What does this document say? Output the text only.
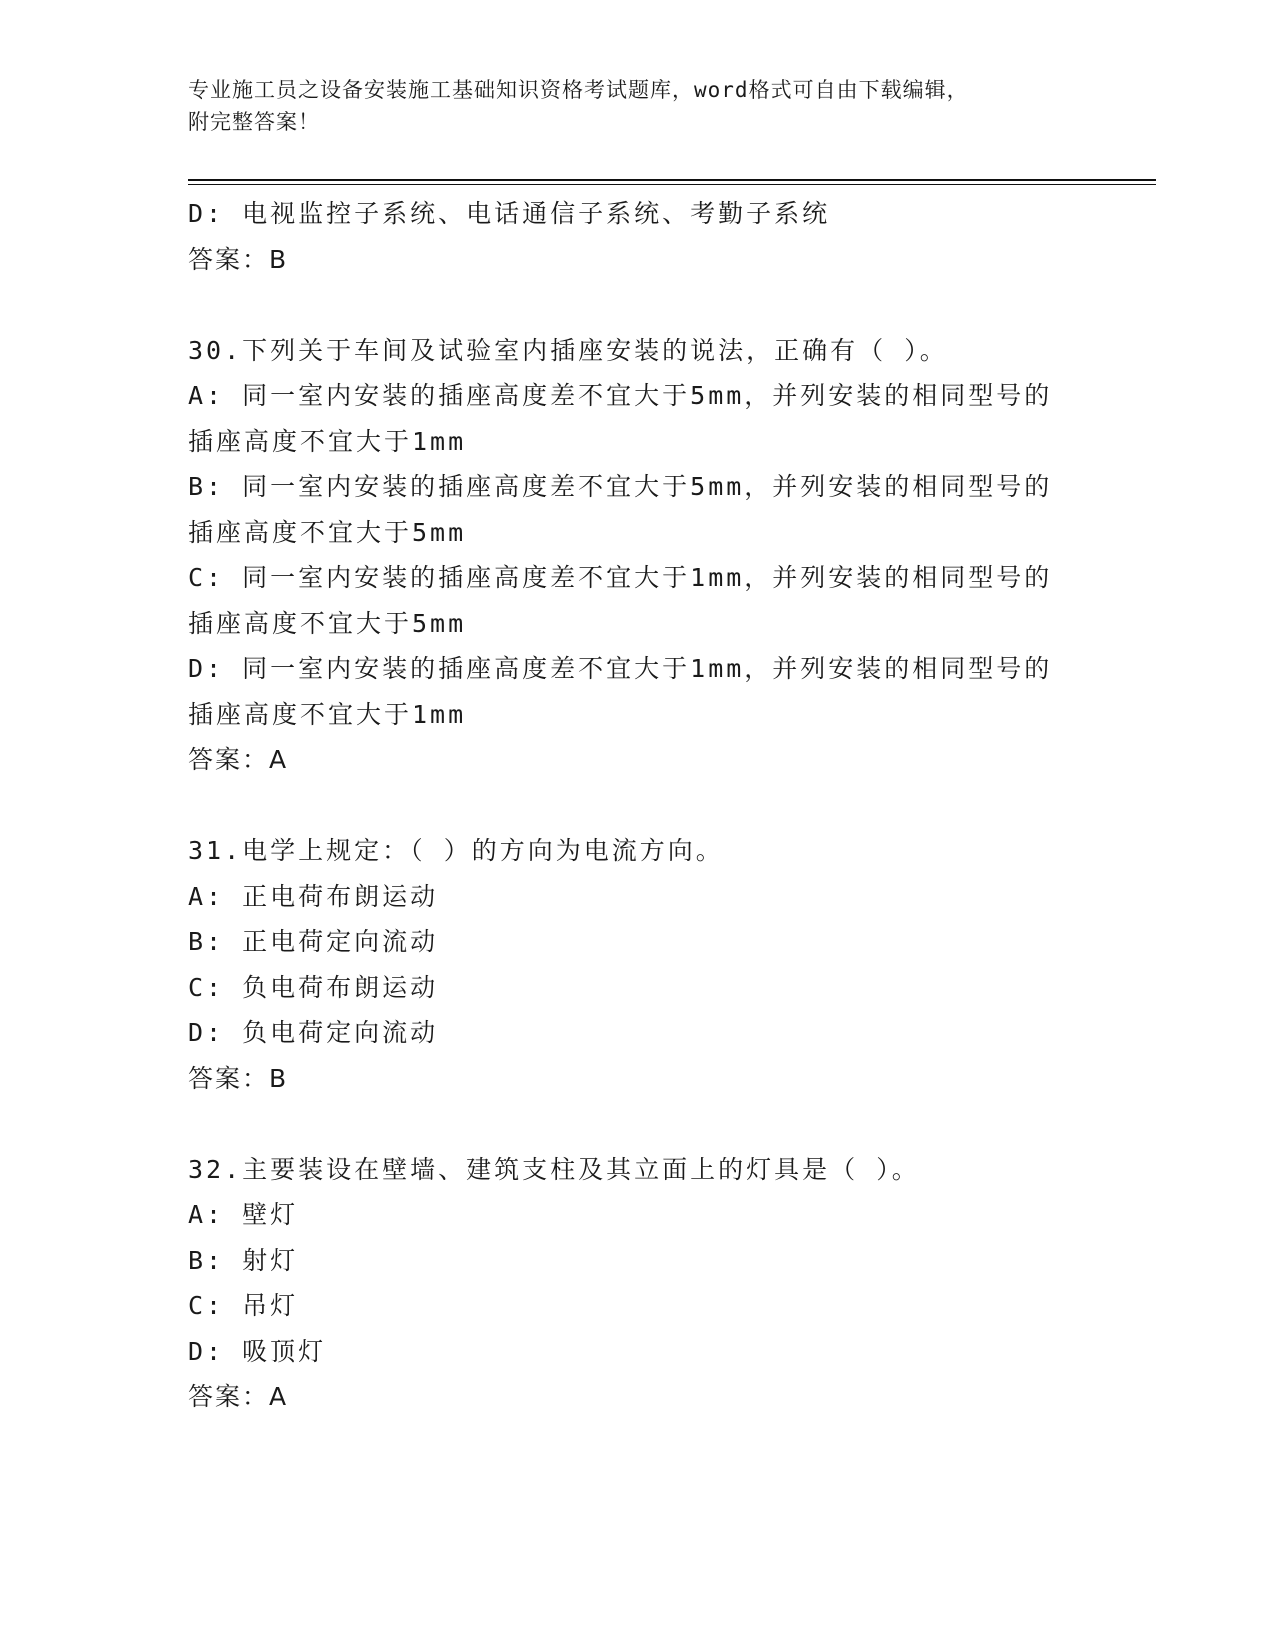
专业施工员之设备安装施工基础知识资格考试题库，word格式可自由下载编辑，
附完整答案！
D: 电视监控子系统、电话通信子系统、考勤子系统
答案：B
30.下列关于车间及试验室内插座安装的说法，正确有（ ）。
A: 同一室内安装的插座高度差不宜大于5mm，并列安装的相同型号的
插座高度不宜大于1mm
B: 同一室内安装的插座高度差不宜大于5mm，并列安装的相同型号的
插座高度不宜大于5mm
C: 同一室内安装的插座高度差不宜大于1mm，并列安装的相同型号的
插座高度不宜大于5mm
D: 同一室内安装的插座高度差不宜大于1mm，并列安装的相同型号的
插座高度不宜大于1mm
答案：A
31.电学上规定：（ ）的方向为电流方向。
A: 正电荷布朗运动
B: 正电荷定向流动
C: 负电荷布朗运动
D: 负电荷定向流动
答案：B
32.主要装设在壁墙、建筑支柱及其立面上的灯具是（ ）。
A: 壁灯
B: 射灯
C: 吊灯
D: 吸顶灯
答案：A
